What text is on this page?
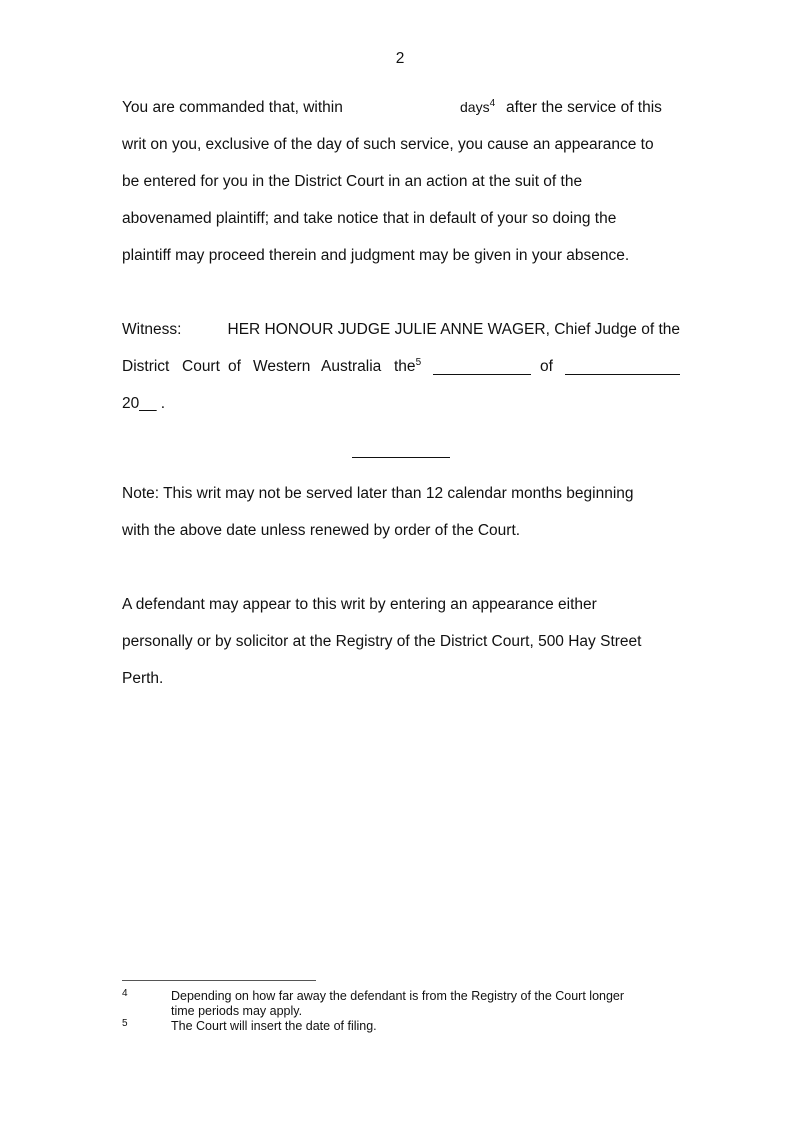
2
You are commanded that, within	days$^4$ after the service of this
writ on you, exclusive of the day of such service, you cause an appearance to
be entered for you in the District Court in an action at the suit of the
abovenamed plaintiff; and take notice that in default of your so doing the
plaintiff may proceed therein and judgment may be given in your absence.
Witness:	HER HONOUR JUDGE JULIE ANNE WAGER, Chief Judge of the
District Court of Western Australia the$^5$	of
20__ .
Note: This writ may not be served later than 12 calendar months beginning
with the above date unless renewed by order of the Court.
A defendant may appear to this writ by entering an appearance either
personally or by solicitor at the Registry of the District Court, 500 Hay Street
Perth.
4	Depending on how far away the defendant is from the Registry of the Court longer
time periods may apply.
5	The Court will insert the date of filing.
